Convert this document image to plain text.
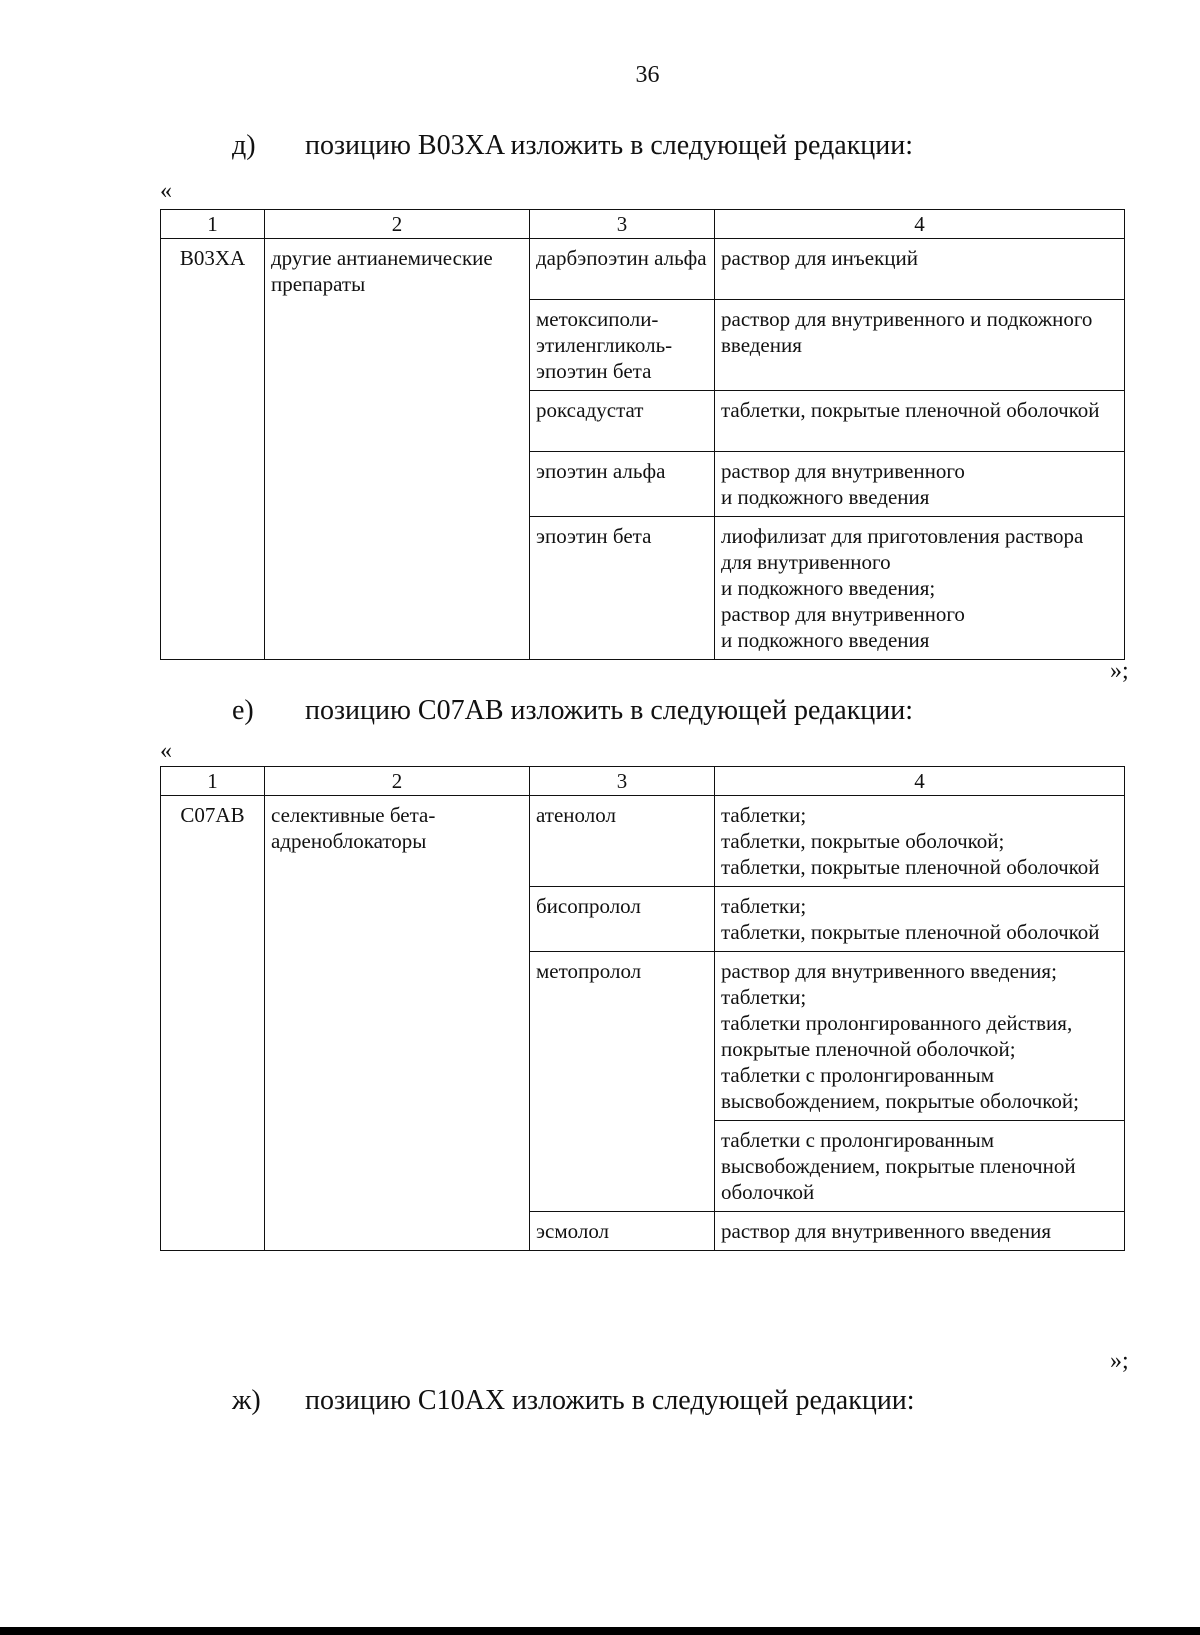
36
д) позицию B03XA изложить в следующей редакции:
«
1	2	3	4
B03XA	другие антианемические препараты	дарбэпоэтин альфа	раствор для инъекций

		метоксиполи-этиленгликоль-эпоэтин бета	раствор для внутривенного и подкожного введения

		роксадустат	таблетки, покрытые пленочной оболочкой

		эпоэтин альфа	раствор для внутривенного
и подкожного введения

		эпоэтин бета	лиофилизат для приготовления раствора для внутривенного
и подкожного введения;
раствор для внутривенного
и подкожного введения
»;
е) позицию C07AB изложить в следующей редакции:
«
1	2	3	4
C07AB	селективные бета-адреноблокаторы	атенолол	таблетки;
таблетки, покрытые оболочкой;
таблетки, покрытые пленочной оболочкой

		бисопролол	таблетки;
таблетки, покрытые пленочной оболочкой

		метопролол	раствор для внутривенного введения;
таблетки;
таблетки пролонгированного действия, покрытые пленочной оболочкой;
таблетки с пролонгированным высвобождением, покрытые оболочкой;

			таблетки с пролонгированным высвобождением, покрытые пленочной оболочкой

		эсмолол	раствор для внутривенного введения
»;
ж) позицию C10AX изложить в следующей редакции:
